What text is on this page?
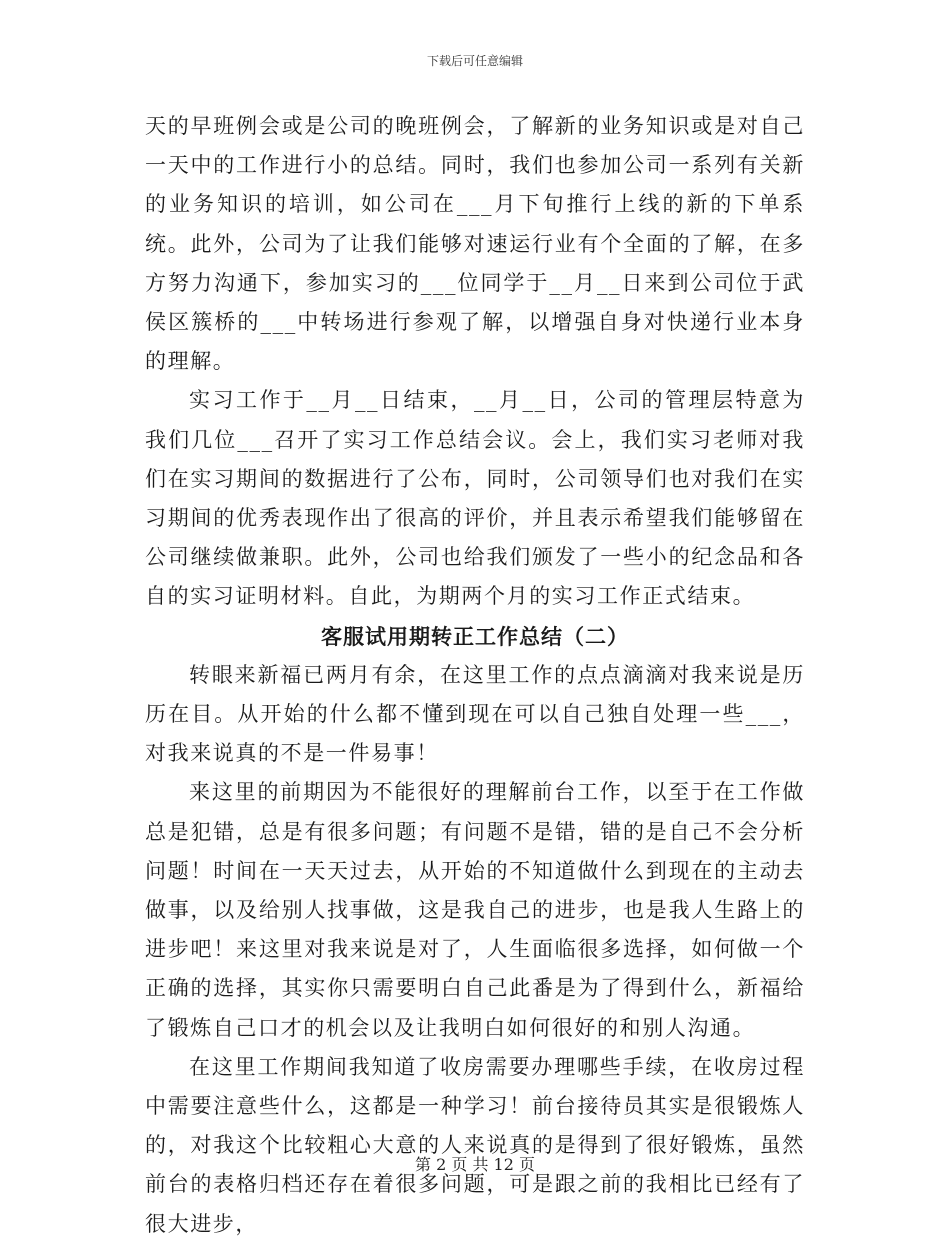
下载后可任意编辑

天的早班例会或是公司的晚班例会，了解新的业务知识或是对自己一天中的工作进行小的总结。同时，我们也参加公司一系列有关新的业务知识的培训，如公司在___月下旬推行上线的新的下单系统。此外，公司为了让我们能够对速运行业有个全面的了解，在多方努力沟通下，参加实习的___位同学于__月__日来到公司位于武侯区簇桥的___中转场进行参观了解，以增强自身对快递行业本身的理解。

实习工作于__月__日结束，__月__日，公司的管理层特意为我们几位___召开了实习工作总结会议。会上，我们实习老师对我们在实习期间的数据进行了公布，同时，公司领导们也对我们在实习期间的优秀表现作出了很高的评价，并且表示希望我们能够留在公司继续做兼职。此外，公司也给我们颁发了一些小的纪念品和各自的实习证明材料。自此，为期两个月的实习工作正式结束。

客服试用期转正工作总结（二）

转眼来新福已两月有余，在这里工作的点点滴滴对我来说是历历在目。从开始的什么都不懂到现在可以自己独自处理一些___，对我来说真的不是一件易事！

来这里的前期因为不能很好的理解前台工作，以至于在工作做总是犯错，总是有很多问题；有问题不是错，错的是自己不会分析问题！时间在一天天过去，从开始的不知道做什么到现在的主动去做事，以及给别人找事做，这是我自己的进步，也是我人生路上的进步吧！来这里对我来说是对了，人生面临很多选择，如何做一个正确的选择，其实你只需要明白自己此番是为了得到什么，新福给了锻炼自己口才的机会以及让我明白如何很好的和别人沟通。

在这里工作期间我知道了收房需要办理哪些手续，在收房过程中需要注意些什么，这都是一种学习！前台接待员其实是很锻炼人的，对我这个比较粗心大意的人来说真的是得到了很好锻炼，虽然前台的表格归档还存在着很多问题，可是跟之前的我相比已经有了很大进步，

第 2 页 共 12 页
